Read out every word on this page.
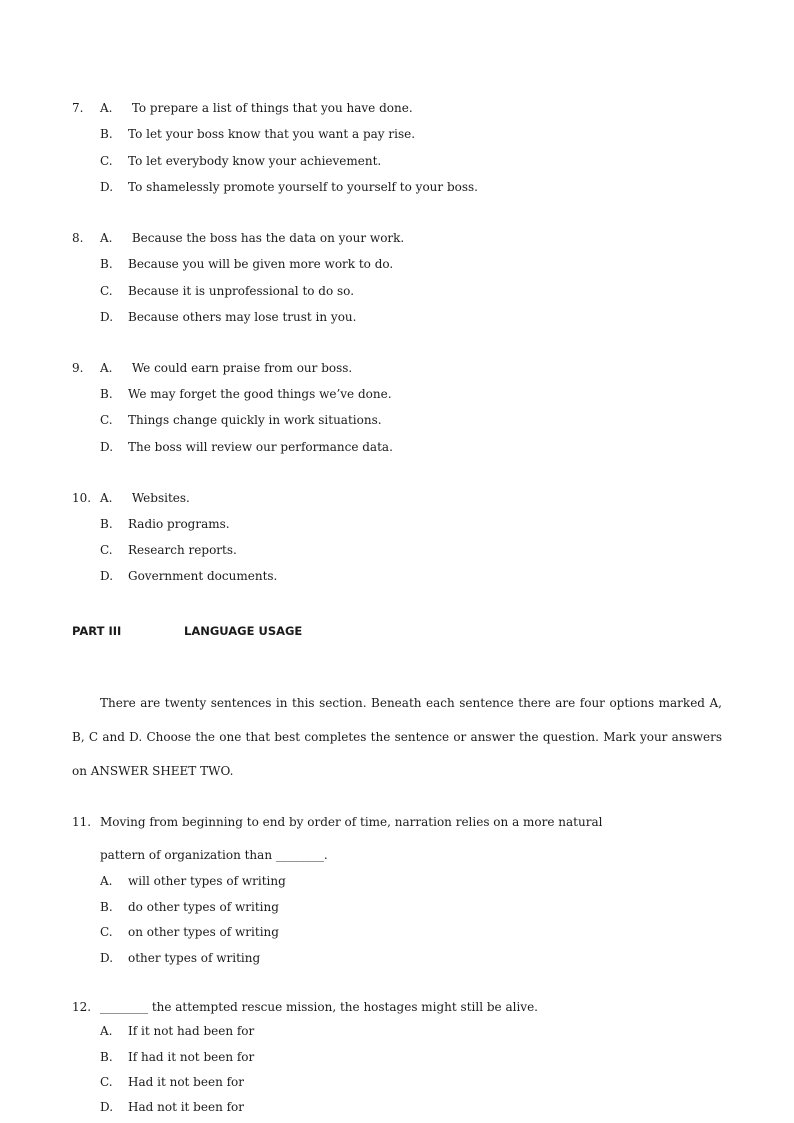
7. A. To prepare a list of things that you have done.
B. To let your boss know that you want a pay rise.
C. To let everybody know your achievement.
D. To shamelessly promote yourself to yourself to your boss.
8. A. Because the boss has the data on your work.
B. Because you will be given more work to do.
C. Because it is unprofessional to do so.
D. Because others may lose trust in you.
9. A. We could earn praise from our boss.
B. We may forget the good things we’ve done.
C. Things change quickly in work situations.
D. The boss will review our performance data.
10. A. Websites.
B. Radio programs.
C. Research reports.
D. Government documents.
PART III	LANGUAGE USAGE
There are twenty sentences in this section. Beneath each sentence there are four options marked A, B, C and D. Choose the one that best completes the sentence or answer the question. Mark your answers on ANSWER SHEET TWO.
11. Moving from beginning to end by order of time, narration relies on a more natural
pattern of organization than ________.
A. will other types of writing
B. do other types of writing
C. on other types of writing
D. other types of writing
12. ________ the attempted rescue mission, the hostages might still be alive.
A. If it not had been for
B. If had it not been for
C. Had it not been for
D. Had not it been for
